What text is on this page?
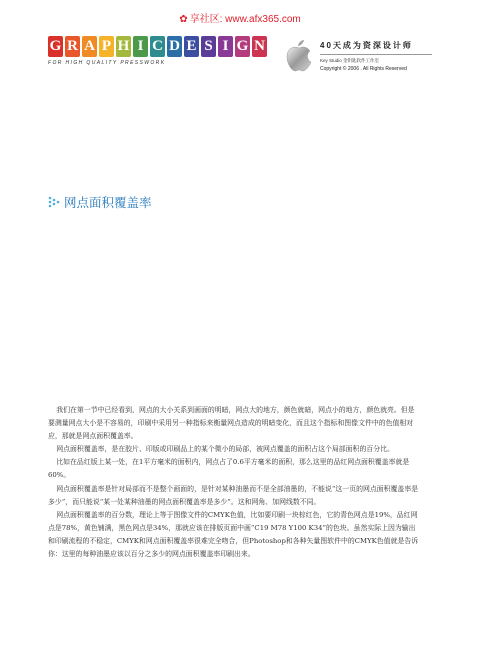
✿ 享社区: www.afx365.com
G R A P H I C D E S I G N
FOR HIGH QUALITY PRESSWORK
40天成为资深设计师
Key Studio 金钥匙软件工作室
Copyright © 2006 . All Rights Reserved
网点面积覆盖率

我们在第一节中已经看到，网点的大小关系到画面的明暗，网点大的地方，颜色就暗，网点小的地方，颜色就亮。但是要测量网点大小是不容易的，印刷中采用另一种指标来衡量网点造成的明暗变化，而且这个指标和图像文件中的色值相对应，那就是网点面积覆盖率。

网点面积覆盖率，是在胶片、印版或印刷品上的某个微小的局部，被网点覆盖的面积占这个局部面积的百分比。

比如在品红版上某一处，在1平方毫米的面积内，网点占了0.6平方毫米的面积，那么这里的品红网点面积覆盖率就是60%。

网点面积覆盖率是针对局部而不是整个画面的，是针对某种油墨而不是全部油墨的，不能说“这一页的网点面积覆盖率是多少”，而只能说“某一处某种油墨的网点面积覆盖率是多少”。这和网角、加网线数不同。

网点面积覆盖率的百分数，理论上等于图像文件的CMYK色值，比如要印刷一块棕红色，它的青色网点是19%，品红网点是78%，黄色铺满，黑色网点是34%，那就应该在排版页面中画“C19 M78 Y100 K34”的色块。虽然实际上因为输出和印刷流程的不稳定，CMYK和网点面积覆盖率很难完全吻合，但Photoshop和各种矢量图软件中的CMYK色值就是告诉你：这里的每种油墨应该以百分之多少的网点面积覆盖率印刷出来。
